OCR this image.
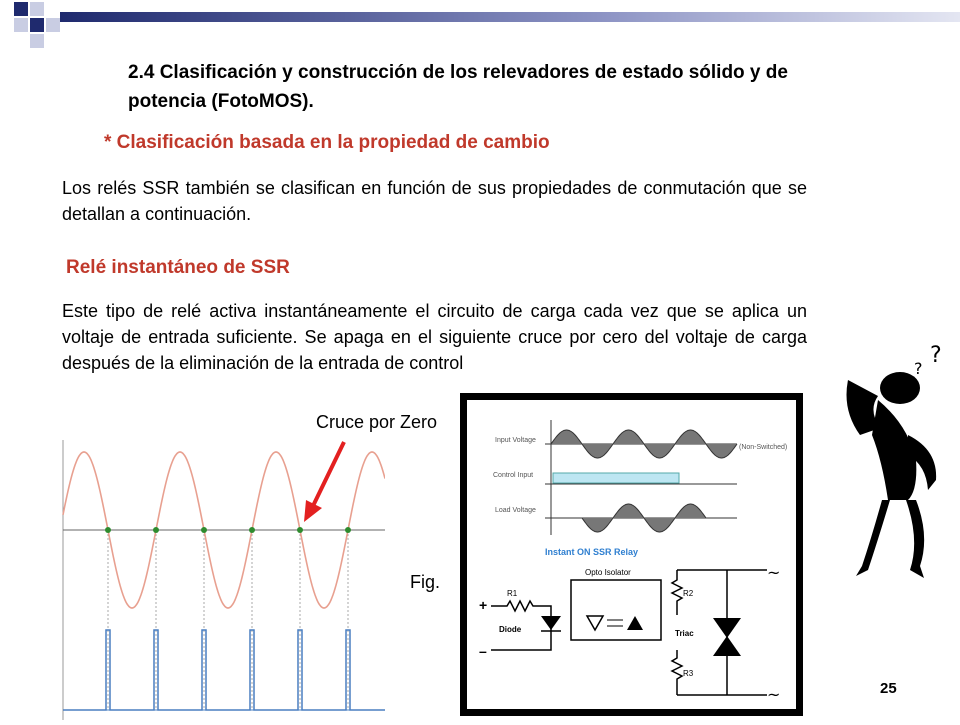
2.4 Clasificación y construcción de los relevadores de estado sólido y de potencia (FotoMOS).
* Clasificación basada en la propiedad de cambio
Los relés SSR también se clasifican en función de sus propiedades de conmutación que se detallan a continuación.
Relé instantáneo de SSR
Este tipo de relé activa instantáneamente el circuito de carga cada vez que se aplica un voltaje de entrada suficiente. Se apaga en el siguiente cruce por cero del voltaje de carga después de la eliminación de la entrada de control
Cruce por Zero
Fig.
?
?
Input Voltage
(Non-Switched)
Control Input
Load Voltage
Instant ON SSR Relay
Opto Isolator
+
–
R1
Diode
R2
R3
Triac
~
~	25
